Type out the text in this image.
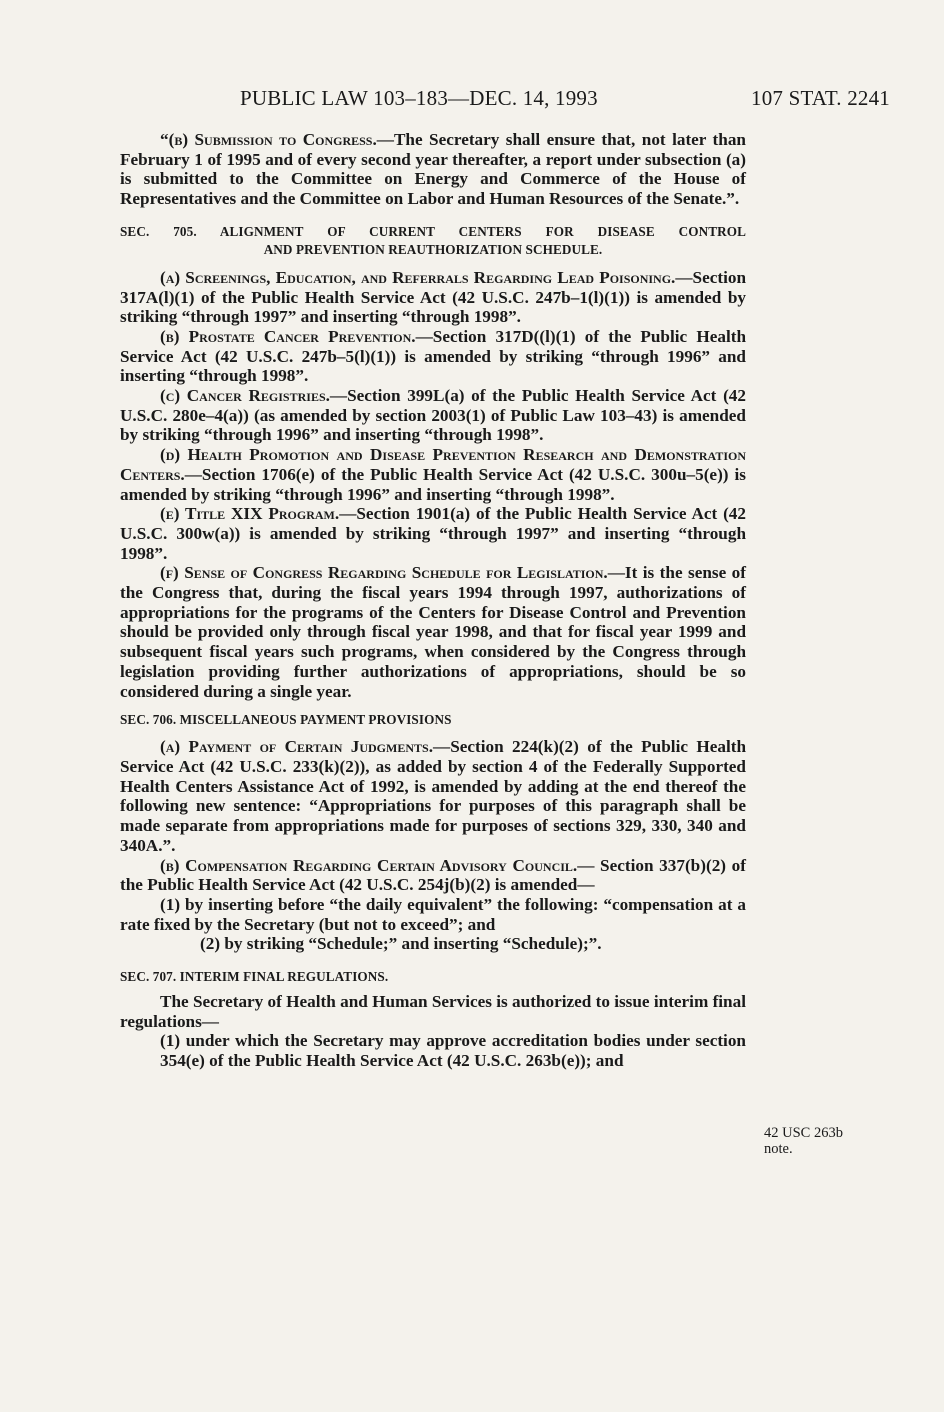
PUBLIC LAW 103–183—DEC. 14, 1993	107 STAT. 2241

“(b) Submission to Congress.—The Secretary shall ensure that, not later than February 1 of 1995 and of every second year thereafter, a report under subsection (a) is submitted to the Committee on Energy and Commerce of the House of Representatives and the Committee on Labor and Human Resources of the Senate.”.

SEC. 705. ALIGNMENT OF CURRENT CENTERS FOR DISEASE CONTROL
AND PREVENTION REAUTHORIZATION SCHEDULE.

(a) Screenings, Education, and Referrals Regarding Lead Poisoning.—Section 317A(l)(1) of the Public Health Service Act (42 U.S.C. 247b–1(l)(1)) is amended by striking “through 1997” and inserting “through 1998”.

(b) Prostate Cancer Prevention.—Section 317D((l)(1) of the Public Health Service Act (42 U.S.C. 247b–5(l)(1)) is amended by striking “through 1996” and inserting “through 1998”.

(c) Cancer Registries.—Section 399L(a) of the Public Health Service Act (42 U.S.C. 280e–4(a)) (as amended by section 2003(1) of Public Law 103–43) is amended by striking “through 1996” and inserting “through 1998”.

(d) Health Promotion and Disease Prevention Research and Demonstration Centers.—Section 1706(e) of the Public Health Service Act (42 U.S.C. 300u–5(e)) is amended by striking “through 1996” and inserting “through 1998”.

(e) Title XIX Program.—Section 1901(a) of the Public Health Service Act (42 U.S.C. 300w(a)) is amended by striking “through 1997” and inserting “through 1998”.

(f) Sense of Congress Regarding Schedule for Legislation.—It is the sense of the Congress that, during the fiscal years 1994 through 1997, authorizations of appropriations for the programs of the Centers for Disease Control and Prevention should be provided only through fiscal year 1998, and that for fiscal year 1999 and subsequent fiscal years such programs, when considered by the Congress through legislation providing further authorizations of appropriations, should be so considered during a single year.

SEC. 706. MISCELLANEOUS PAYMENT PROVISIONS

(a) Payment of Certain Judgments.—Section 224(k)(2) of the Public Health Service Act (42 U.S.C. 233(k)(2)), as added by section 4 of the Federally Supported Health Centers Assistance Act of 1992, is amended by adding at the end thereof the following new sentence: “Appropriations for purposes of this paragraph shall be made separate from appropriations made for purposes of sections 329, 330, 340 and 340A.”.

(b) Compensation Regarding Certain Advisory Council.— Section 337(b)(2) of the Public Health Service Act (42 U.S.C. 254j(b)(2) is amended—

(1) by inserting before “the daily equivalent” the following: “compensation at a rate fixed by the Secretary (but not to exceed”; and

(2) by striking “Schedule;” and inserting “Schedule);”.

SEC. 707. INTERIM FINAL REGULATIONS.

The Secretary of Health and Human Services is authorized to issue interim final regulations—

(1) under which the Secretary may approve accreditation bodies under section 354(e) of the Public Health Service Act (42 U.S.C. 263b(e)); and

42 USC 263b note.
